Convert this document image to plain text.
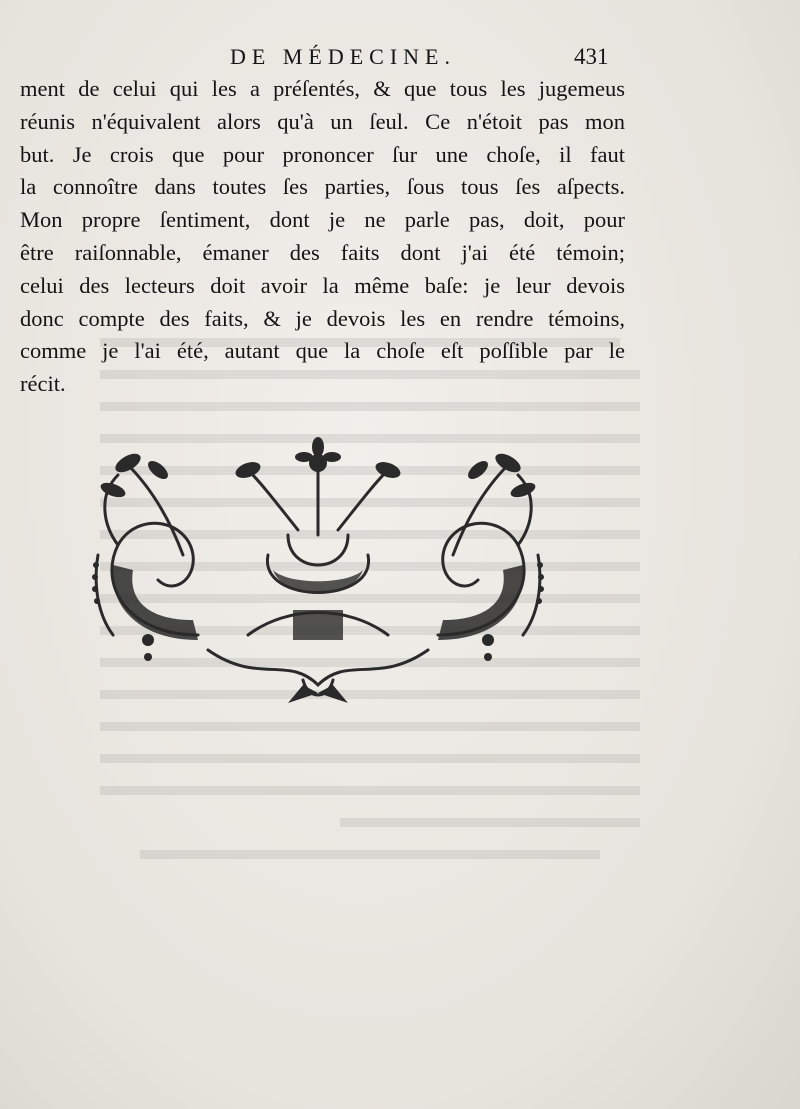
DE MÉDECINE.	431
ment de celui qui les a préſentés, & que tous les jugemeus
réunis n'équivalent alors qu'à un ſeul. Ce n'étoit pas mon
but. Je crois que pour prononcer ſur une choſe, il faut
la connoître dans toutes ſes parties, ſous tous ſes aſpects.
Mon propre ſentiment, dont je ne parle pas, doit, pour
être raiſonnable, émaner des faits dont j'ai été témoin;
celui des lecteurs doit avoir la même baſe: je leur devois
donc compte des faits, & je devois les en rendre témoins,
comme je l'ai été, autant que la choſe eſt poſſible par le
récit.
